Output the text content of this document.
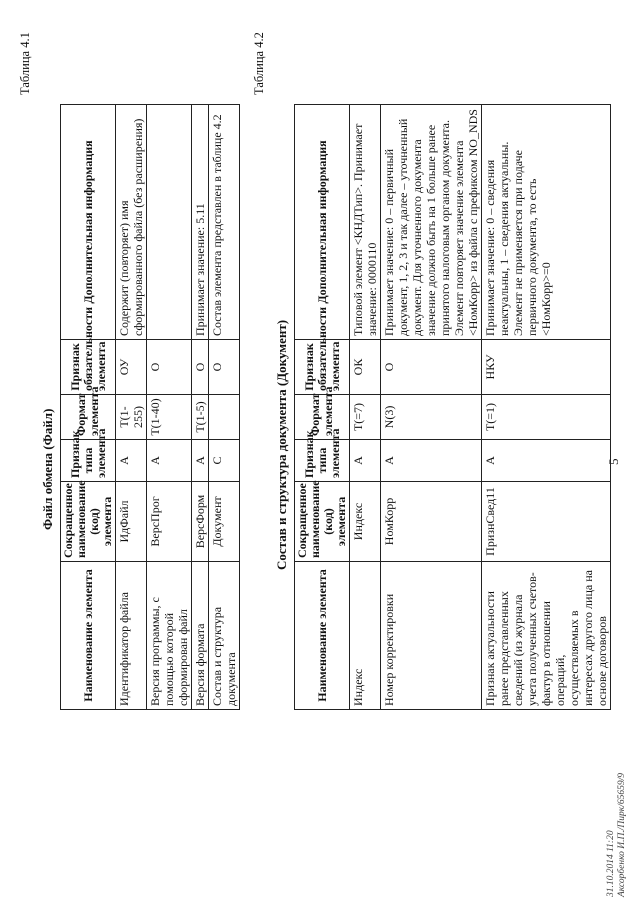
5
Таблица 4.1
Файл обмена (Файл)
Наименование элемента	Сокращенное наименование (код) элемента	Признак типа элемента	Формат элемента	Признак обязательности элемента	Дополнительная информация
Идентификатор файла	ИдФайл	А	T(1-255)	ОУ	Содержит (повторяет) имя сформированного файла (без расширения)
Версия программы, с помощью которой сформирован файл	ВерсПрог	А	T(1-40)	О	
Версия формата	ВерсФорм	А	T(1-5)	О	Принимает значение: 5.11
Состав и структура документа	Документ	С		О	Состав элемента представлен в таблице 4.2
Таблица 4.2
Состав и структура документа (Документ)
Наименование элемента	Сокращенное наименование (код) элемента	Признак типа элемента	Формат элемента	Признак обязательности элемента	Дополнительная информация
Индекс	Индекс	А	T(=7)	ОК	Типовой элемент <КНДТип>. Принимает значение: 0000110
Номер корректировки	НомКорр	А	N(3)	О	Принимает значение: 0 – первичный документ, 1, 2, 3 и так далее – уточненный документ. Для уточненного документа значение должно быть на 1 больше ранее принятого налоговым органом документа. Элемент повторяет значение элемента <НомКорр> из файла с префиксом NO_NDS
Признак актуальности ранее представленных сведений (из журнала учета полученных счетов-фактур в отношении операций, осуществляемых в интересах другого лица на основе договоров	ПризнСвед11	А	T(=1)	НКУ	Принимает значение: 0 – сведения неактуальны, 1 – сведения актуальны. Элемент не применяется при подаче первичного документа, то есть <НомКорр>=0
31.10.2014 11:20 Аксорбенко И.П./Пирк/65659/9
